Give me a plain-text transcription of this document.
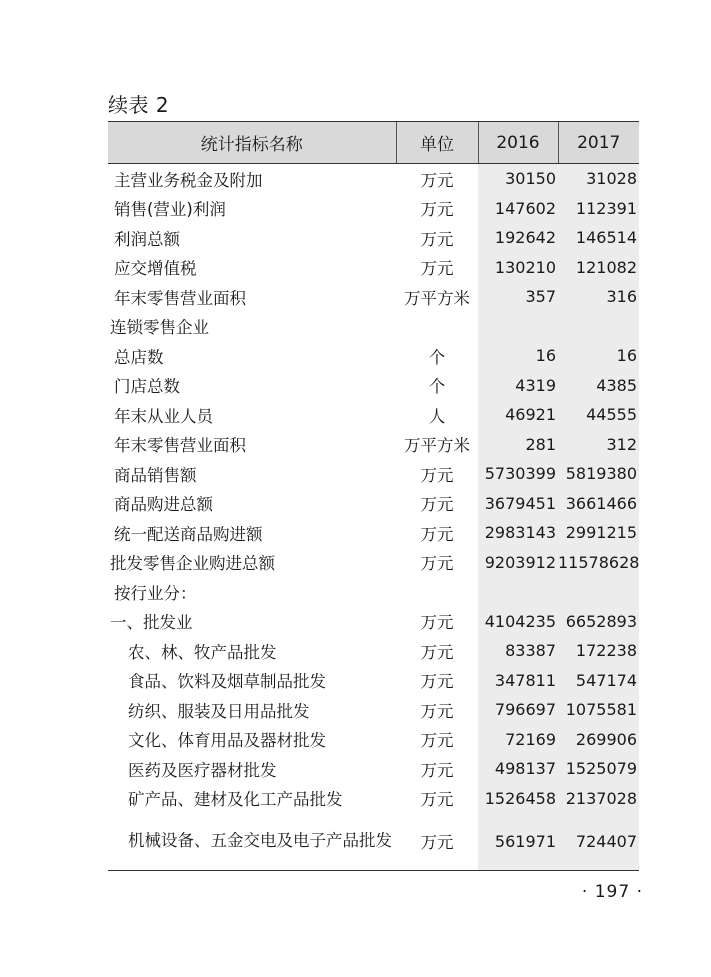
续表 2
统计指标名称	单位	2016	2017
主营业务税金及附加	万元	30150	31028
销售(营业)利润	万元	147602	112391
利润总额	万元	192642	146514
应交增值税	万元	130210	121082
年末零售营业面积	万平方米	357	316
连锁零售企业			
总店数	个	16	16
门店总数	个	4319	4385
年末从业人员	人	46921	44555
年末零售营业面积	万平方米	281	312
商品销售额	万元	5730399	5819380
商品购进总额	万元	3679451	3661466
统一配送商品购进额	万元	2983143	2991215
批发零售企业购进总额	万元	9203912	11578628
按行业分：			
一、批发业	万元	4104235	6652893
农、林、牧产品批发	万元	83387	172238
食品、饮料及烟草制品批发	万元	347811	547174
纺织、服装及日用品批发	万元	796697	1075581
文化、体育用品及器材批发	万元	72169	269906
医药及医疗器材批发	万元	498137	1525079
矿产品、建材及化工产品批发	万元	1526458	2137028

机械设备、五金交电及电子产品批发	万元	561971	724407
· 197 ·
